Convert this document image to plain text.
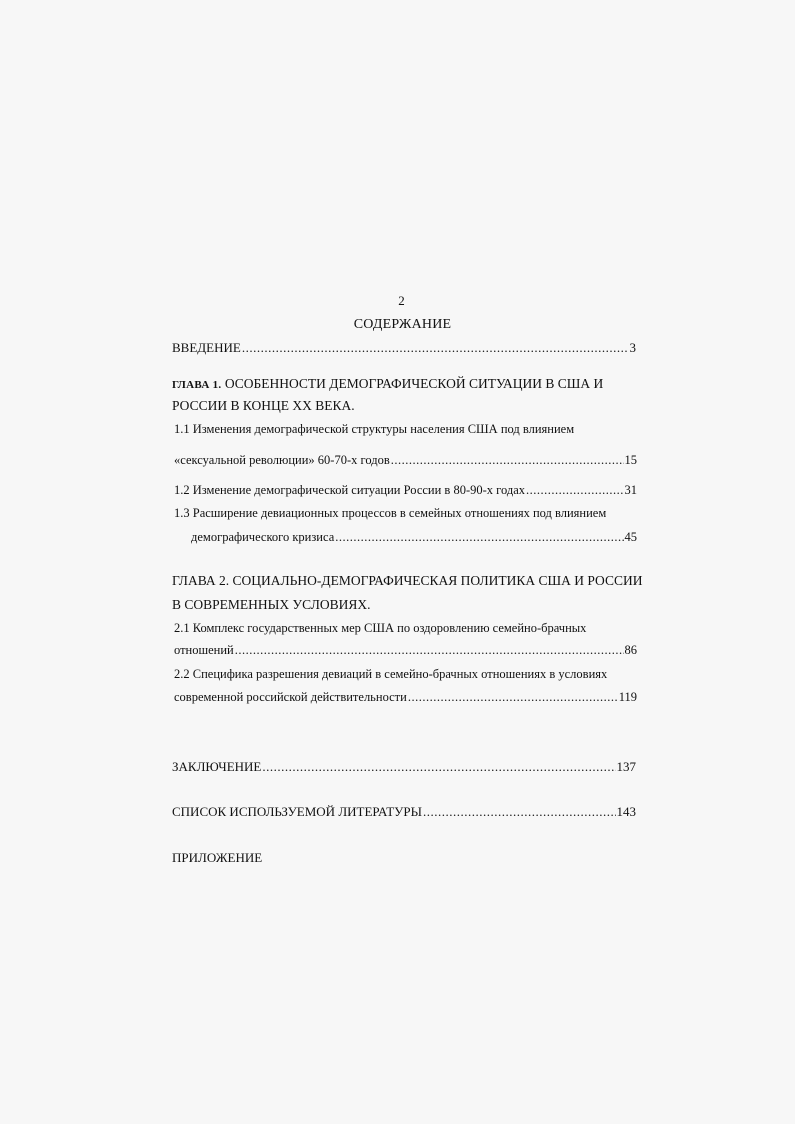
2
СОДЕРЖАНИЕ
ВВЕДЕНИЕ .....	3
ГЛАВА 1. ОСОБЕННОСТИ ДЕМОГРАФИЧЕСКОЙ СИТУАЦИИ В США И
РОССИИ В КОНЦЕ XX ВЕКА.
1.1 Изменения демографической структуры населения США под влиянием
«сексуальной революции» 60-70-х годов .....	15
1.2 Изменение демографической ситуации России в 80-90-х годах .....	31
1.3 Расширение девиационных процессов в семейных отношениях под влиянием
демографического кризиса .....	45
ГЛАВА 2. СОЦИАЛЬНО-ДЕМОГРАФИЧЕСКАЯ ПОЛИТИКА США И РОССИИ
В СОВРЕМЕННЫХ УСЛОВИЯХ.
2.1 Комплекс государственных мер США по оздоровлению семейно-брачных
отношений .....	86
2.2 Специфика разрешения девиаций в семейно-брачных отношениях в условиях
современной российской действительности .....	119
ЗАКЛЮЧЕНИЕ .....	137
СПИСОК ИСПОЛЬЗУЕМОЙ ЛИТЕРАТУРЫ .....	143
ПРИЛОЖЕНИЕ
